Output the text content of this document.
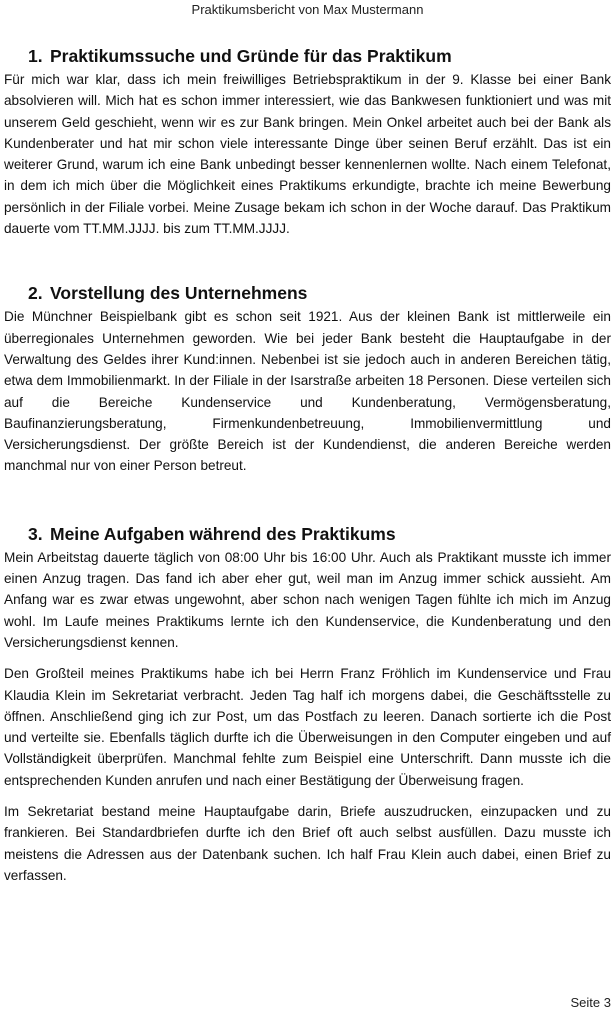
Praktikumsbericht von Max Mustermann
1. Praktikumssuche und Gründe für das Praktikum

Für mich war klar, dass ich mein freiwilliges Betriebspraktikum in der 9. Klasse bei einer Bank absolvieren will. Mich hat es schon immer interessiert, wie das Bankwesen funktioniert und was mit unserem Geld geschieht, wenn wir es zur Bank bringen. Mein Onkel arbeitet auch bei der Bank als Kundenberater und hat mir schon viele interessante Dinge über seinen Beruf erzählt. Das ist ein weiterer Grund, warum ich eine Bank unbedingt besser kennenlernen wollte. Nach einem Telefonat, in dem ich mich über die Möglichkeit eines Praktikums erkundigte, brachte ich meine Bewerbung persönlich in der Filiale vorbei. Meine Zusage bekam ich schon in der Woche darauf. Das Praktikum dauerte vom TT.MM.JJJJ. bis zum TT.MM.JJJJ.

2. Vorstellung des Unternehmens

Die Münchner Beispielbank gibt es schon seit 1921. Aus der kleinen Bank ist mittlerweile ein überregionales Unternehmen geworden. Wie bei jeder Bank besteht die Hauptaufgabe in der Verwaltung des Geldes ihrer Kund:innen. Nebenbei ist sie jedoch auch in anderen Bereichen tätig, etwa dem Immobilienmarkt. In der Filiale in der Isarstraße arbeiten 18 Personen. Diese verteilen sich auf die Bereiche Kundenservice und Kundenberatung, Vermögensberatung, Baufinanzierungsberatung, Firmenkundenbetreuung, Immobilienvermittlung und Versicherungsdienst. Der größte Bereich ist der Kundendienst, die anderen Bereiche werden manchmal nur von einer Person betreut.

3. Meine Aufgaben während des Praktikums

Mein Arbeitstag dauerte täglich von 08:00 Uhr bis 16:00 Uhr. Auch als Praktikant musste ich immer einen Anzug tragen. Das fand ich aber eher gut, weil man im Anzug immer schick aussieht. Am Anfang war es zwar etwas ungewohnt, aber schon nach wenigen Tagen fühlte ich mich im Anzug wohl. Im Laufe meines Praktikums lernte ich den Kundenservice, die Kundenberatung und den Versicherungsdienst kennen.

Den Großteil meines Praktikums habe ich bei Herrn Franz Fröhlich im Kundenservice und Frau Klaudia Klein im Sekretariat verbracht. Jeden Tag half ich morgens dabei, die Geschäftsstelle zu öffnen. Anschließend ging ich zur Post, um das Postfach zu leeren. Danach sortierte ich die Post und verteilte sie. Ebenfalls täglich durfte ich die Überweisungen in den Computer eingeben und auf Vollständigkeit überprüfen. Manchmal fehlte zum Beispiel eine Unterschrift. Dann musste ich die entsprechenden Kunden anrufen und nach einer Bestätigung der Überweisung fragen.

Im Sekretariat bestand meine Hauptaufgabe darin, Briefe auszudrucken, einzupacken und zu frankieren. Bei Standardbriefen durfte ich den Brief oft auch selbst ausfüllen. Dazu musste ich meistens die Adressen aus der Datenbank suchen. Ich half Frau Klein auch dabei, einen Brief zu verfassen.

Seite 3
